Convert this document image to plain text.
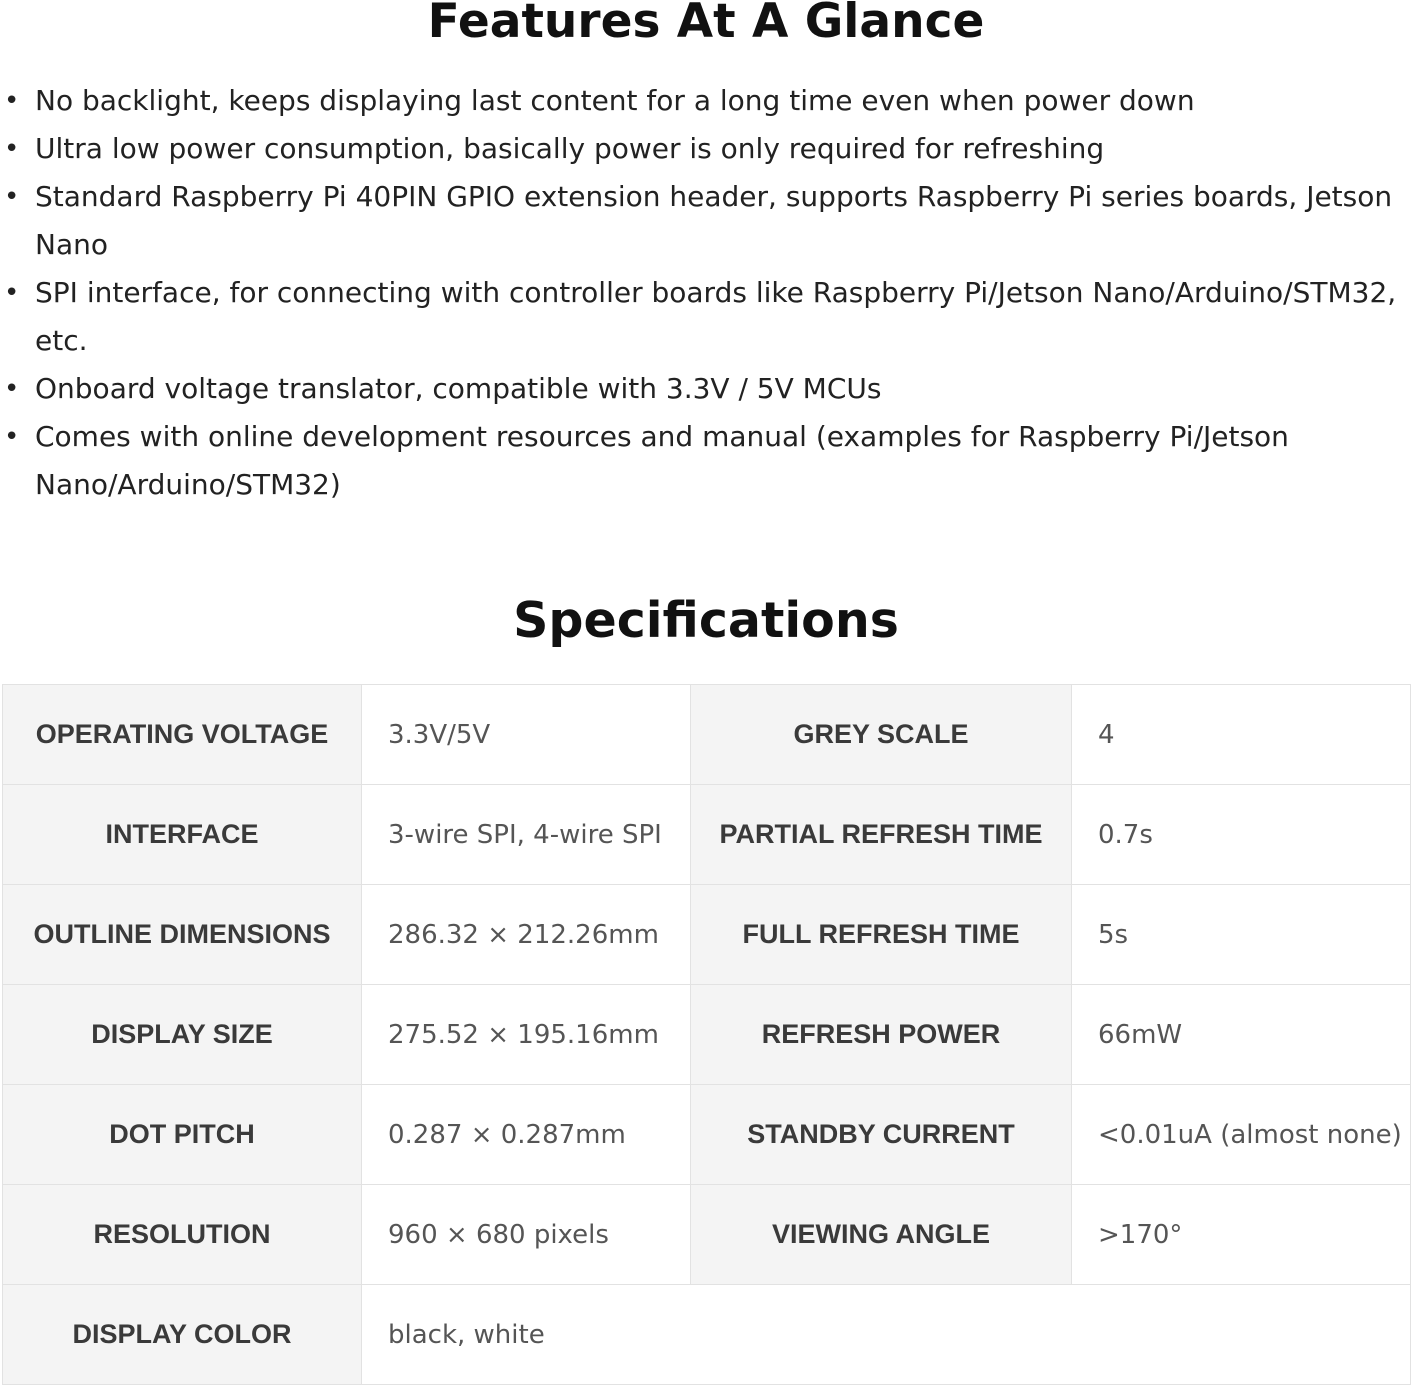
Features At A Glance
• No backlight, keeps displaying last content for a long time even when power down
• Ultra low power consumption, basically power is only required for refreshing
• Standard Raspberry Pi 40PIN GPIO extension header, supports Raspberry Pi series boards, Jetson Nano
• SPI interface, for connecting with controller boards like Raspberry Pi/Jetson Nano/Arduino/STM32, etc.
• Onboard voltage translator, compatible with 3.3V / 5V MCUs
• Comes with online development resources and manual (examples for Raspberry Pi/Jetson Nano/Arduino/STM32)
Specifications
OPERATING VOLTAGE	3.3V/5V	GREY SCALE	4
INTERFACE	3-wire SPI, 4-wire SPI	PARTIAL REFRESH TIME	0.7s
OUTLINE DIMENSIONS	286.32 × 212.26mm	FULL REFRESH TIME	5s
DISPLAY SIZE	275.52 × 195.16mm	REFRESH POWER	66mW
DOT PITCH	0.287 × 0.287mm	STANDBY CURRENT	<0.01uA (almost none)
RESOLUTION	960 × 680 pixels	VIEWING ANGLE	>170°
DISPLAY COLOR	black, white		
